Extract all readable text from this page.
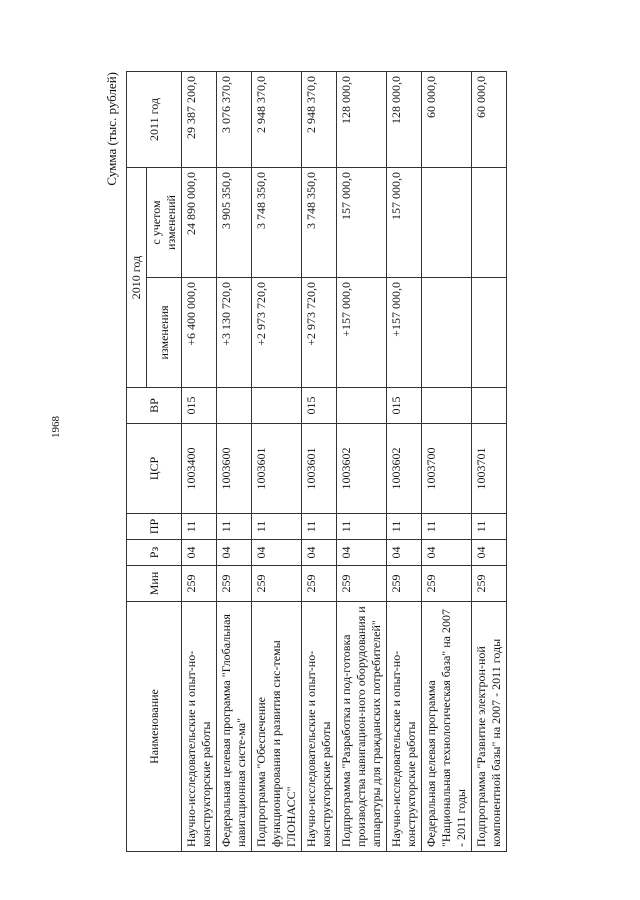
1968
Сумма (тыс. рублей)
Наименование	Мин	Рз	ПР	ЦСР	ВР	2010 год		2011 год
						изменения	с учетом изменений	
Научно-исследовательские и опыт-но-конструкторские работы	259	04	11	1003400	015	+6 400 000,0	24 890 000,0	29 387 200,0
Федеральная целевая программа "Глобальная навигационная систе-ма"	259	04	11	1003600		+3 130 720,0	3 905 350,0	3 076 370,0
Подпрограмма "Обеспечение функционирования и развития сис-темы ГЛОНАСС"	259	04	11	1003601		+2 973 720,0	3 748 350,0	2 948 370,0
Научно-исследовательские и опыт-но-конструкторские работы	259	04	11	1003601	015	+2 973 720,0	3 748 350,0	2 948 370,0
Подпрограмма "Разработка и под-готовка производства навигацион-ного оборудования и аппаратуры для гражданских потребителей"	259	04	11	1003602		+157 000,0	157 000,0	128 000,0
Научно-исследовательские и опыт-но-конструкторские работы	259	04	11	1003602	015	+157 000,0	157 000,0	128 000,0
Федеральная целевая программа "Национальная технологическая база" на 2007 - 2011 годы	259	04	11	1003700				60 000,0
Подпрограмма "Развитие электрон-ной компонентной базы" на 2007 - 2011 годы	259	04	11	1003701				60 000,0
